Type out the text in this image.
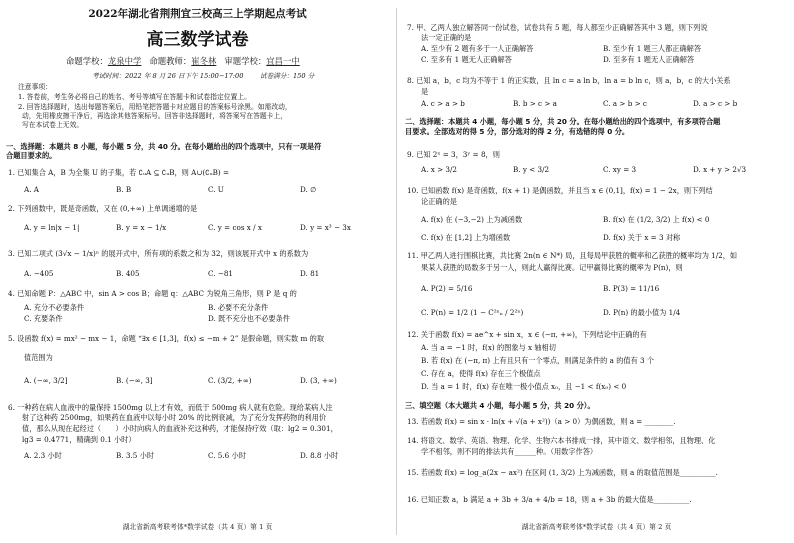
2022年湖北省荆荆宜三校高三上学期起点考试
高三数学试卷
命题学校：龙泉中学 命题教师：崔冬林 审题学校：宜昌一中
考试时间：2022 年 8 月 26 日下午 15:00−17:00	试卷满分：150 分
注意事项：
1. 答卷前，考生务必将自己的姓名、考号等填写在答题卡和试卷指定位置上。
2. 回答选择题时，选出每题答案后，用铅笔把答题卡对应题目的答案标号涂黑。如需改动，
动，先用橡皮擦干净后，再选涂其他答案标号。回答非选择题时，将答案写在答题卡上，
写在本试卷上无效。
一、选择题：本题共 8 小题，每小题 5 分，共 40 分。在每小题给出的四个选项中，只有一项是符
合题目要求的。
1. 已知集合 A，B 为全集 U 的子集，若 ∁ᵤA ⊆ ∁ᵤB，则 A∪(∁ᵤB) =
A. A	B. B	C. U	D. ∅
2. 下列函数中，既是奇函数，又在 (0,+∞) 上单调递增的是
A. y = ln|x − 1|	B. y = x − 1/x	C. y = cos x / x	D. y = x³ − 3x
3. 已知二项式 (3√x − 1/x)ⁿ 的展开式中，所有项的系数之和为 32，则该展开式中 x 的系数为
A. −405	B. 405	C. −81	D. 81
4. 已知命题 P：△ABC 中，sin A > cos B；命题 q：△ABC 为锐角三角形，则 P 是 q 的
A. 充分不必要条件	B. 必要不充分条件
C. 充要条件	D. 既不充分也不必要条件
5. 设函数 f(x) = mx² − mx − 1，命题 “∃x ∈ [1,3]，f(x) ≤ −m + 2” 是假命题，则实数 m 的取
值范围为
A. (−∞, 3/2]	B. (−∞, 3]	C. (3/2, +∞)	D. (3, +∞)
6. 一种药在病人血液中的量保持 1500mg 以上才有效，而低于 500mg 病人就有危险。现给某病人注
射了这种药 2500mg，如果药在血液中以每小时 20% 的比例衰减，为了充分发挥药物的利用价
值，那么从现在起经过（　　）小时向病人的血液补充这种药，才能保持疗效（取：lg2 = 0.301，
lg3 = 0.4771，精确到 0.1 小时）
A. 2.3 小时	B. 3.5 小时	C. 5.6 小时	D. 8.8 小时
湖北省新高考联考体*数学试卷（共 4 页）第 1 页
7. 甲、乙两人独立解答同一份试卷，试卷共有 5 题，每人都至少正确解答其中 3 题，则下列说
法一定正确的是
A. 至少有 2 题有多于一人正确解答	B. 至少有 1 题三人都正确解答
C. 至多有 1 题无人正确解答	D. 至多有 1 题无人正确解答
8. 已知 a，b，c 均为不等于 1 的正实数，且 ln c = a ln b，ln a = b ln c，则 a，b，c 的大小关系
是
A. c > a > b	B. b > c > a	C. a > b > c	D. a > c > b
二、选择题：本题共 4 小题，每小题 5 分，共 20 分。在每小题给出的四个选项中，有多项符合题
目要求。全部选对的得 5 分，部分选对的得 2 分，有选错的得 0 分。
9. 已知 2ˣ = 3，3ʸ = 8，则
A. x > 3/2	B. y < 3/2	C. xy = 3	D. x + y > 2√3
10. 已知函数 f(x) 是奇函数，f(x + 1) 是偶函数，并且当 x ∈ (0,1]，f(x) = 1 − 2x，则下列结
论正确的是
A. f(x) 在 (−3,−2) 上为减函数	B. f(x) 在 (1/2, 3/2) 上 f(x) < 0
C. f(x) 在 [1,2] 上为增函数	D. f(x) 关于 x = 3 对称
11. 甲乙两人进行围棋比赛，共比赛 2n(n ∈ N*) 局，且每局甲获胜的概率和乙获胜的概率均为 1/2，如
果某人获胜的局数多于另一人，则此人赢得比赛。记甲赢得比赛的概率为 P(n)，则
A. P(2) = 5/16	B. P(3) = 11/16
C. P(n) = 1/2 (1 − C²ⁿₙ / 2²ⁿ)	D. P(n) 的最小值为 1/4
12. 关于函数 f(x) = ae^x + sin x，x ∈ (−π, +∞)，下列结论中正确的有
A. 当 a = −1 时，f(x) 的图象与 x 轴相切
B. 若 f(x) 在 (−π, π) 上有且只有一个零点，则满足条件的 a 的值有 3 个
C. 存在 a，使得 f(x) 存在三个极值点
D. 当 a = 1 时，f(x) 存在唯一极小值点 x₀，且 −1 < f(x₀) < 0
三、填空题（本大题共 4 小题，每小题 5 分，共 20 分）。
13. 若函数 f(x) = sin x · ln(x + √(a + x²))（a > 0）为偶函数，则 a = ________.
14. 将语文、数学、英语、物理、化学、生物六本书排成一排，其中语文、数学相邻，且物理、化
学不相邻，则不同的排法共有______种。（用数字作答）
15. 若函数 f(x) = log_a(2x − ax²) 在区间 (1, 3/2) 上为减函数，则 a 的取值范围是__________.
16. 已知正数 a，b 满足 a + 3b + 3/a + 4/b = 18，则 a + 3b 的最大值是__________.
湖北省新高考联考体*数学试卷（共 4 页）第 2 页
